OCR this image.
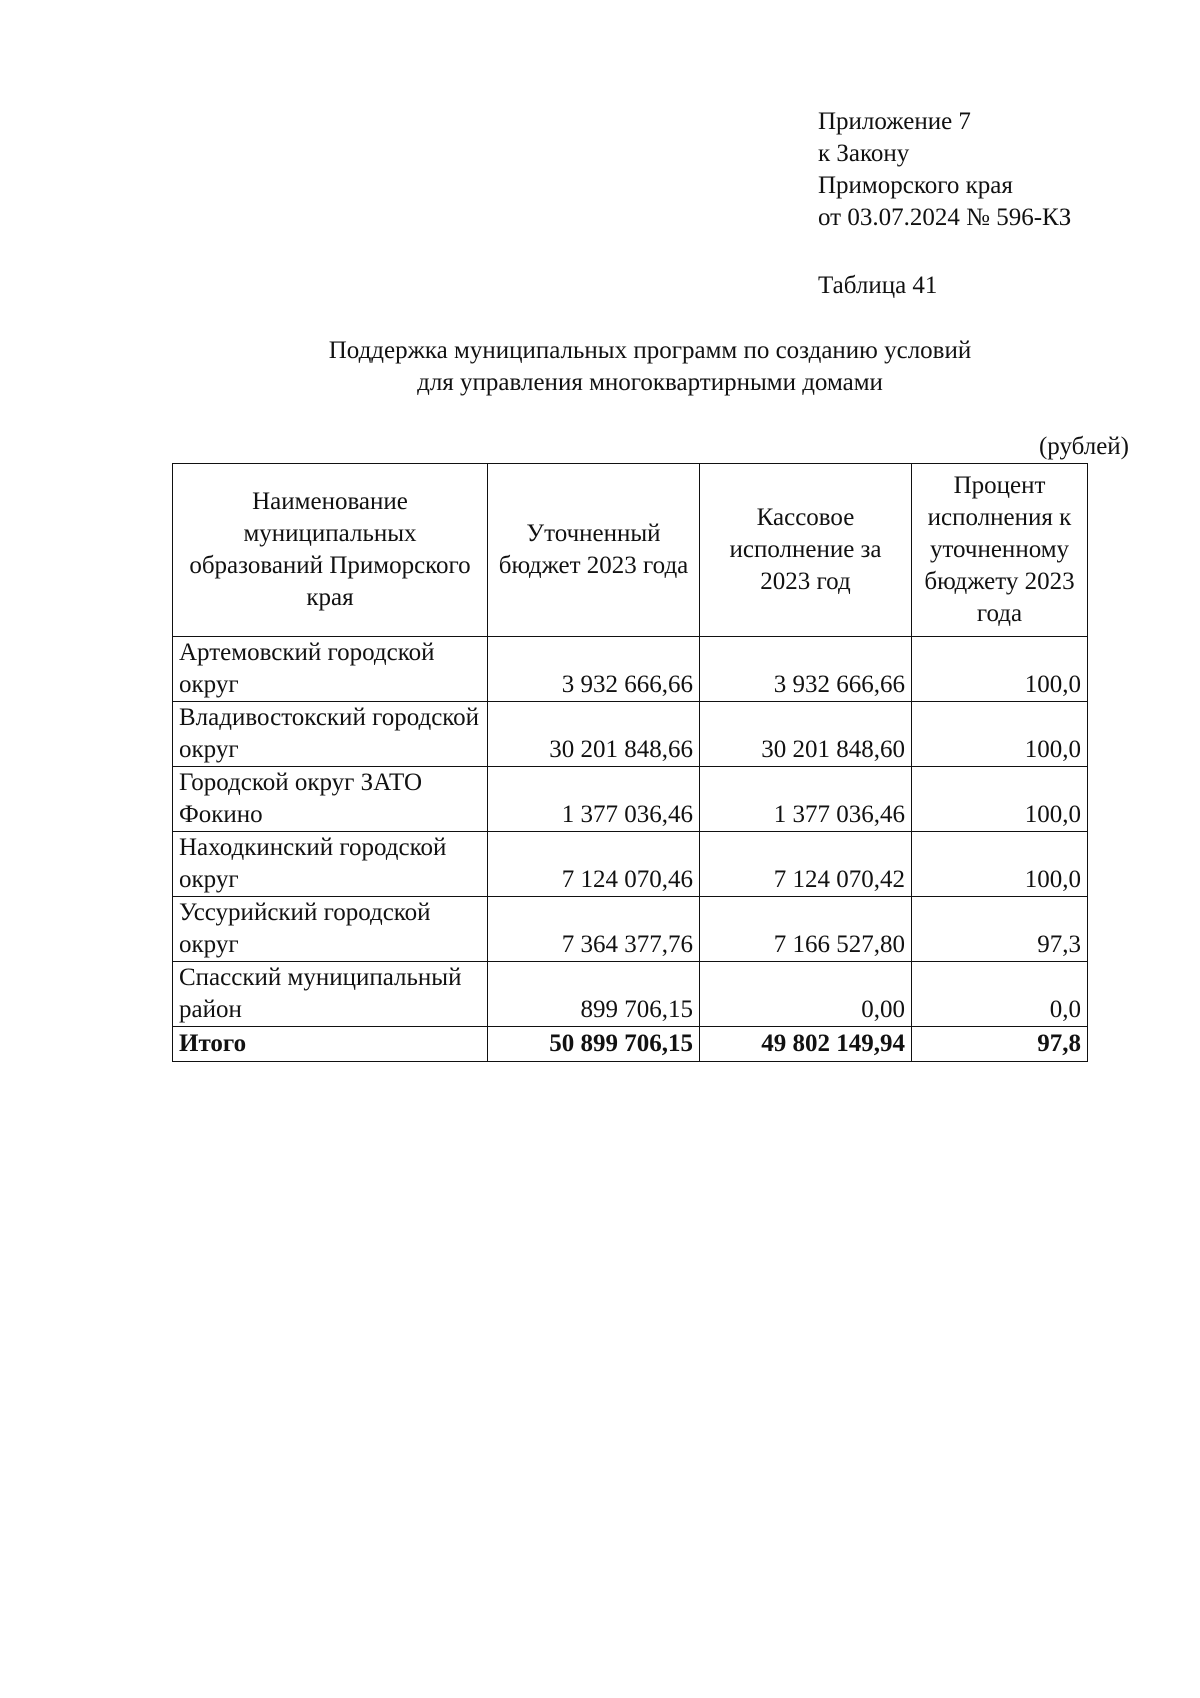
Приложение 7
к Закону
Приморского края
от 03.07.2024 № 596-КЗ
Таблица 41
Поддержка муниципальных программ по созданию условий
для управления многоквартирными домами
(рублей)
Наименование муниципальных образований Приморского края	Уточненный бюджет 2023 года	Кассовое исполнение за 2023 год	Процент исполнения к уточненному бюджету 2023 года
Артемовский городской округ	3 932 666,66	3 932 666,66	100,0
Владивостокский городской округ	30 201 848,66	30 201 848,60	100,0
Городской округ ЗАТО Фокино	1 377 036,46	1 377 036,46	100,0
Находкинский городской округ	7 124 070,46	7 124 070,42	100,0
Уссурийский городской округ	7 364 377,76	7 166 527,80	97,3
Спасский муниципальный район	899 706,15	0,00	0,0
Итого	50 899 706,15	49 802 149,94	97,8
